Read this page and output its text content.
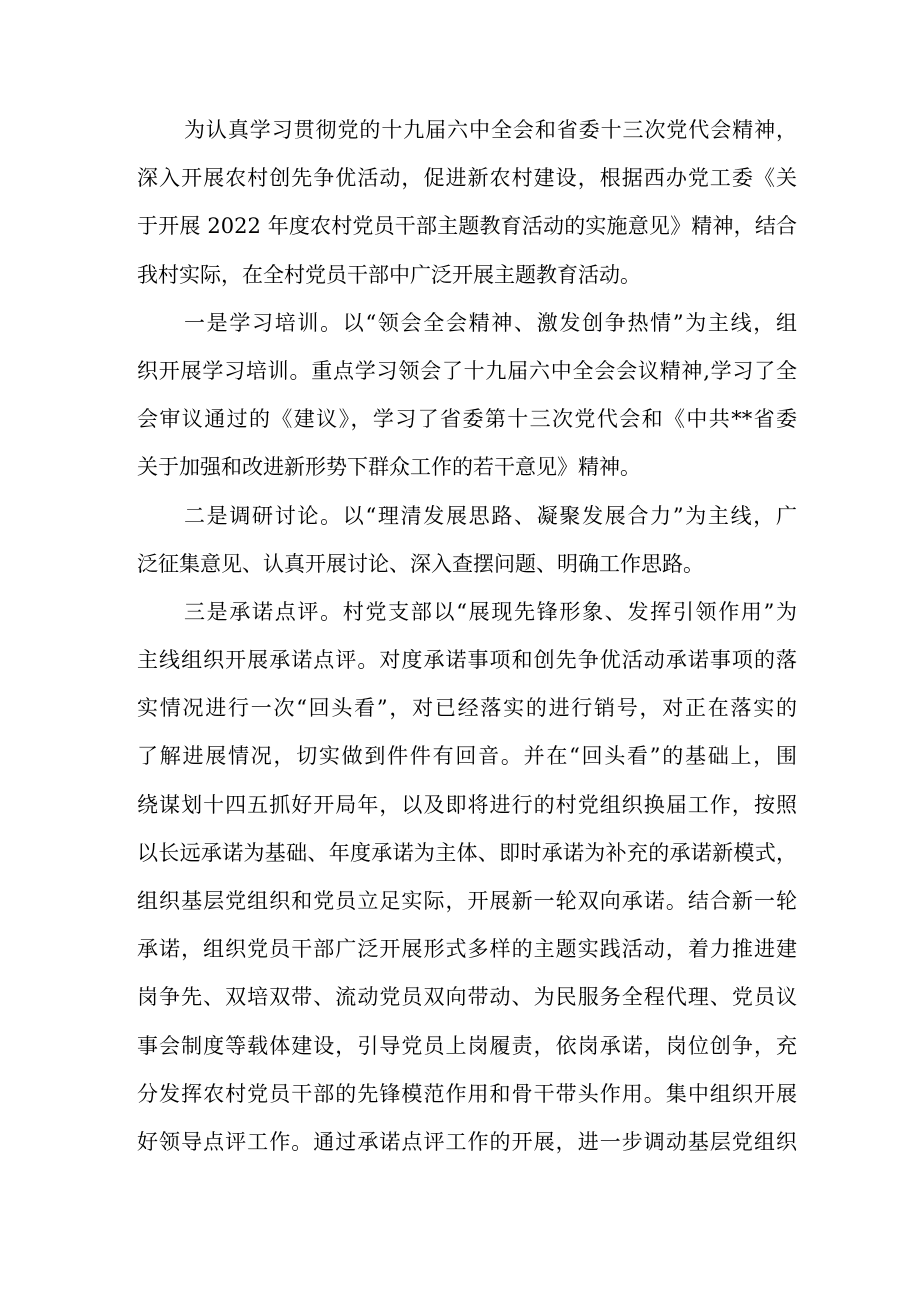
为认真学习贯彻党的十九届六中全会和省委十三次党代会精神，
深入开展农村创先争优活动，促进新农村建设，根据西办党工委《关
于开展 2022 年度农村党员干部主题教育活动的实施意见》精神，结合
我村实际，在全村党员干部中广泛开展主题教育活动。
一是学习培训。以“领会全会精神、激发创争热情”为主线，组
织开展学习培训。重点学习领会了十九届六中全会会议精神,学习了全
会审议通过的《建议》，学习了省委第十三次党代会和《中共**省委
关于加强和改进新形势下群众工作的若干意见》精神。
二是调研讨论。以“理清发展思路、凝聚发展合力”为主线，广
泛征集意见、认真开展讨论、深入查摆问题、明确工作思路。
三是承诺点评。村党支部以“展现先锋形象、发挥引领作用”为
主线组织开展承诺点评。对度承诺事项和创先争优活动承诺事项的落
实情况进行一次“回头看”，对已经落实的进行销号，对正在落实的
了解进展情况，切实做到件件有回音。并在“回头看”的基础上，围
绕谋划十四五抓好开局年，以及即将进行的村党组织换届工作，按照
以长远承诺为基础、年度承诺为主体、即时承诺为补充的承诺新模式，
组织基层党组织和党员立足实际，开展新一轮双向承诺。结合新一轮
承诺，组织党员干部广泛开展形式多样的主题实践活动，着力推进建
岗争先、双培双带、流动党员双向带动、为民服务全程代理、党员议
事会制度等载体建设，引导党员上岗履责，依岗承诺，岗位创争，充
分发挥农村党员干部的先锋模范作用和骨干带头作用。集中组织开展
好领导点评工作。通过承诺点评工作的开展，进一步调动基层党组织
